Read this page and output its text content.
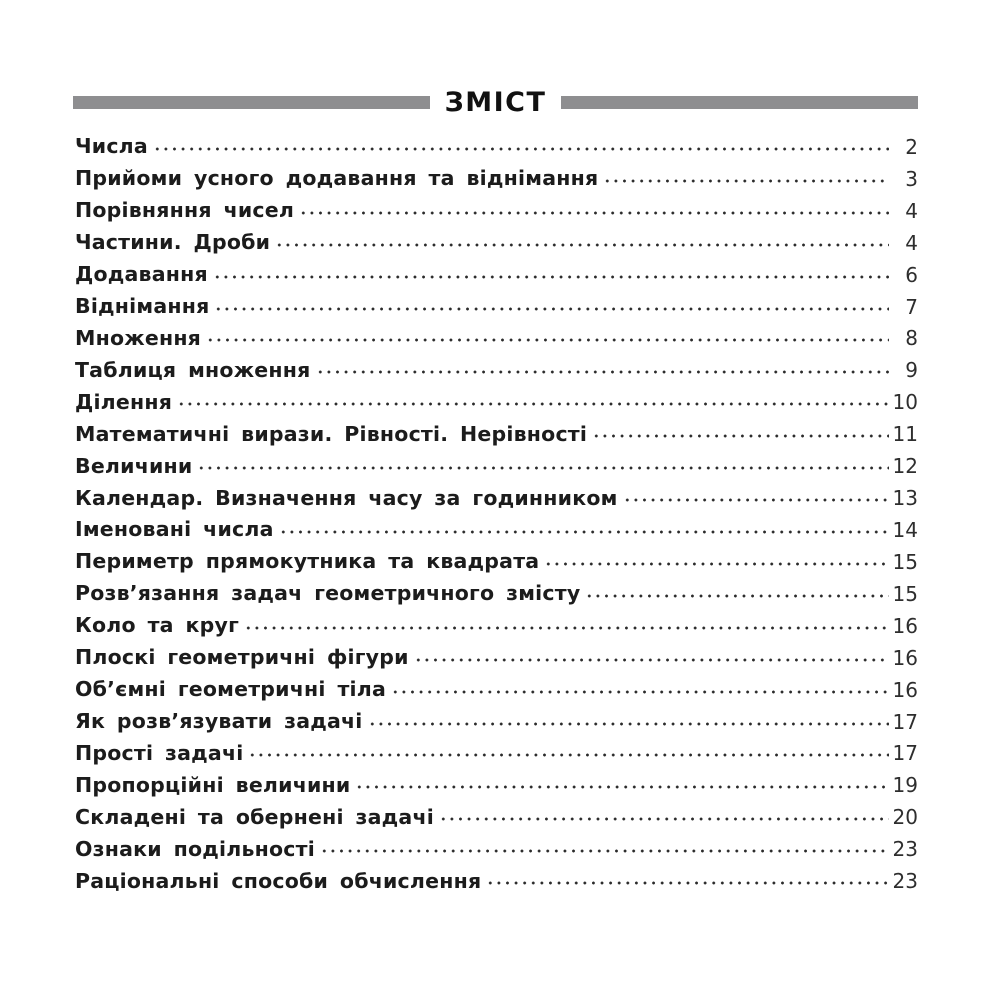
ЗМІСТ
Числа	2
Прийоми усного додавання та віднімання	3
Порівняння чисел	4
Частини. Дроби	4
Додавання	6
Віднімання	7
Множення	8
Таблиця множення	9
Ділення	10
Математичні вирази. Рівності. Нерівності	11
Величини	12
Календар. Визначення часу за годинником	13
Іменовані числа	14
Периметр прямокутника та квадрата	15
Розв’язання задач геометричного змісту	15
Коло та круг	16
Плоскі геометричні фігури	16
Об’ємні геометричні тіла	16
Як розв’язувати задачі	17
Прості задачі	17
Пропорційні величини	19
Складені та обернені задачі	20
Ознаки подільності	23
Раціональні способи обчислення	23
